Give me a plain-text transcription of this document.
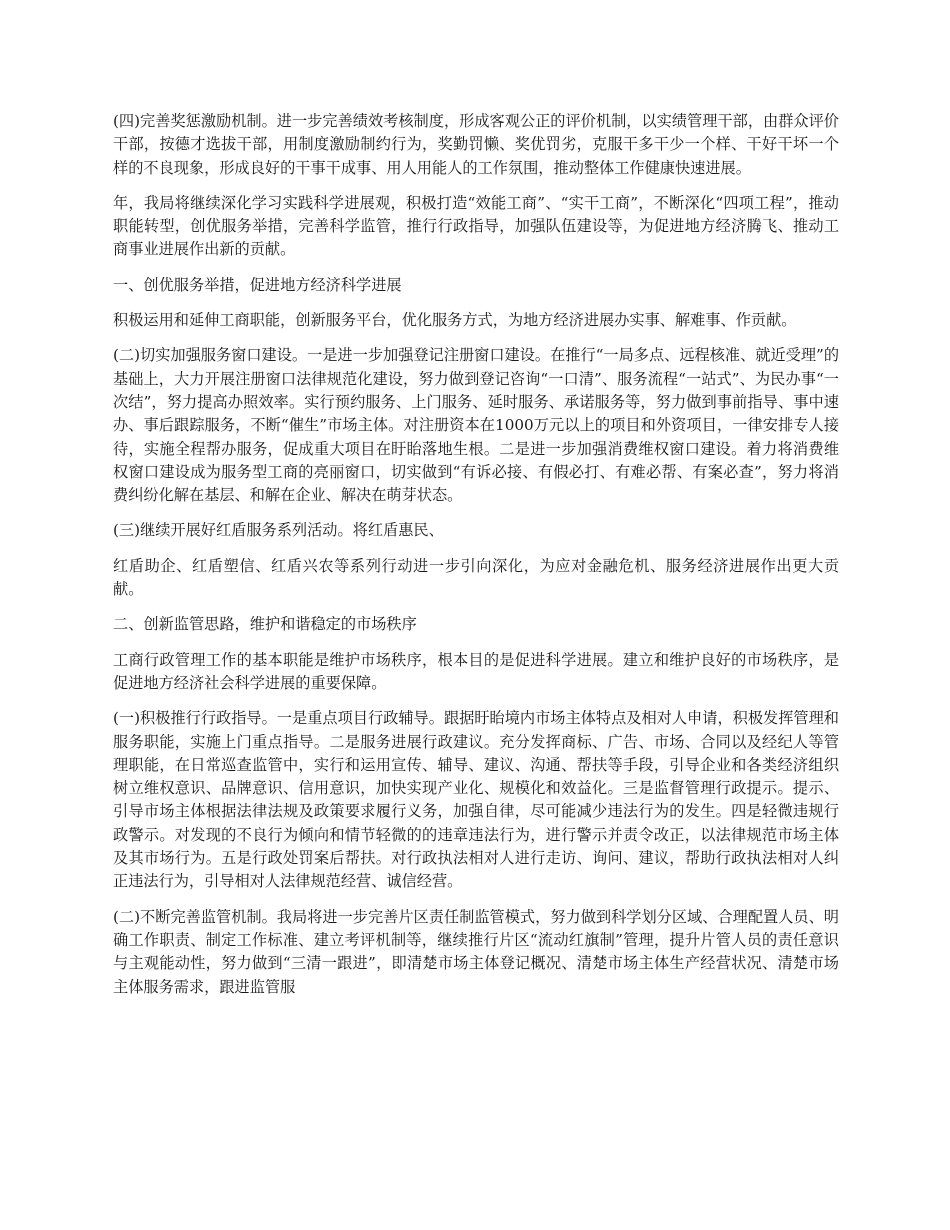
(四)完善奖惩激励机制。进一步完善绩效考核制度，形成客观公正的评价机制，以实绩管理干部，由群众评价干部，按德才选拔干部，用制度激励制约行为，奖勤罚懒、奖优罚劣，克服干多干少一个样、干好干坏一个样的不良现象，形成良好的干事干成事、用人用能人的工作氛围，推动整体工作健康快速进展。

年，我局将继续深化学习实践科学进展观，积极打造“效能工商”、“实干工商”，不断深化“四项工程”，推动职能转型，创优服务举措，完善科学监管，推行行政指导，加强队伍建设等，为促进地方经济腾飞、推动工商事业进展作出新的贡献。

一、创优服务举措，促进地方经济科学进展

积极运用和延伸工商职能，创新服务平台，优化服务方式，为地方经济进展办实事、解难事、作贡献。

(二)切实加强服务窗口建设。一是进一步加强登记注册窗口建设。在推行“一局多点、远程核准、就近受理”的基础上，大力开展注册窗口法律规范化建设，努力做到登记咨询“一口清”、服务流程“一站式”、为民办事“一次结”，努力提高办照效率。实行预约服务、上门服务、延时服务、承诺服务等，努力做到事前指导、事中速办、事后跟踪服务，不断“催生”市场主体。对注册资本在1000万元以上的项目和外资项目，一律安排专人接待，实施全程帮办服务，促成重大项目在盱眙落地生根。二是进一步加强消费维权窗口建设。着力将消费维权窗口建设成为服务型工商的亮丽窗口，切实做到“有诉必接、有假必打、有难必帮、有案必查”，努力将消费纠纷化解在基层、和解在企业、解决在萌芽状态。

(三)继续开展好红盾服务系列活动。将红盾惠民、

红盾助企、红盾塑信、红盾兴农等系列行动进一步引向深化，为应对金融危机、服务经济进展作出更大贡献。

二、创新监管思路，维护和谐稳定的市场秩序

工商行政管理工作的基本职能是维护市场秩序，根本目的是促进科学进展。建立和维护良好的市场秩序，是促进地方经济社会科学进展的重要保障。

(一)积极推行行政指导。一是重点项目行政辅导。跟据盱眙境内市场主体特点及相对人申请，积极发挥管理和服务职能，实施上门重点指导。二是服务进展行政建议。充分发挥商标、广告、市场、合同以及经纪人等管理职能，在日常巡查监管中，实行和运用宣传、辅导、建议、沟通、帮扶等手段，引导企业和各类经济组织树立维权意识、品牌意识、信用意识，加快实现产业化、规模化和效益化。三是监督管理行政提示。提示、引导市场主体根据法律法规及政策要求履行义务，加强自律，尽可能减少违法行为的发生。四是轻微违规行政警示。对发现的不良行为倾向和情节轻微的的违章违法行为，进行警示并责令改正，以法律规范市场主体及其市场行为。五是行政处罚案后帮扶。对行政执法相对人进行走访、询问、建议，帮助行政执法相对人纠正违法行为，引导相对人法律规范经营、诚信经营。

(二)不断完善监管机制。我局将进一步完善片区责任制监管模式，努力做到科学划分区域、合理配置人员、明确工作职责、制定工作标准、建立考评机制等，继续推行片区“流动红旗制”管理，提升片管人员的责任意识与主观能动性，努力做到“三清一跟进”，即清楚市场主体登记概况、清楚市场主体生产经营状况、清楚市场主体服务需求，跟进监管服
